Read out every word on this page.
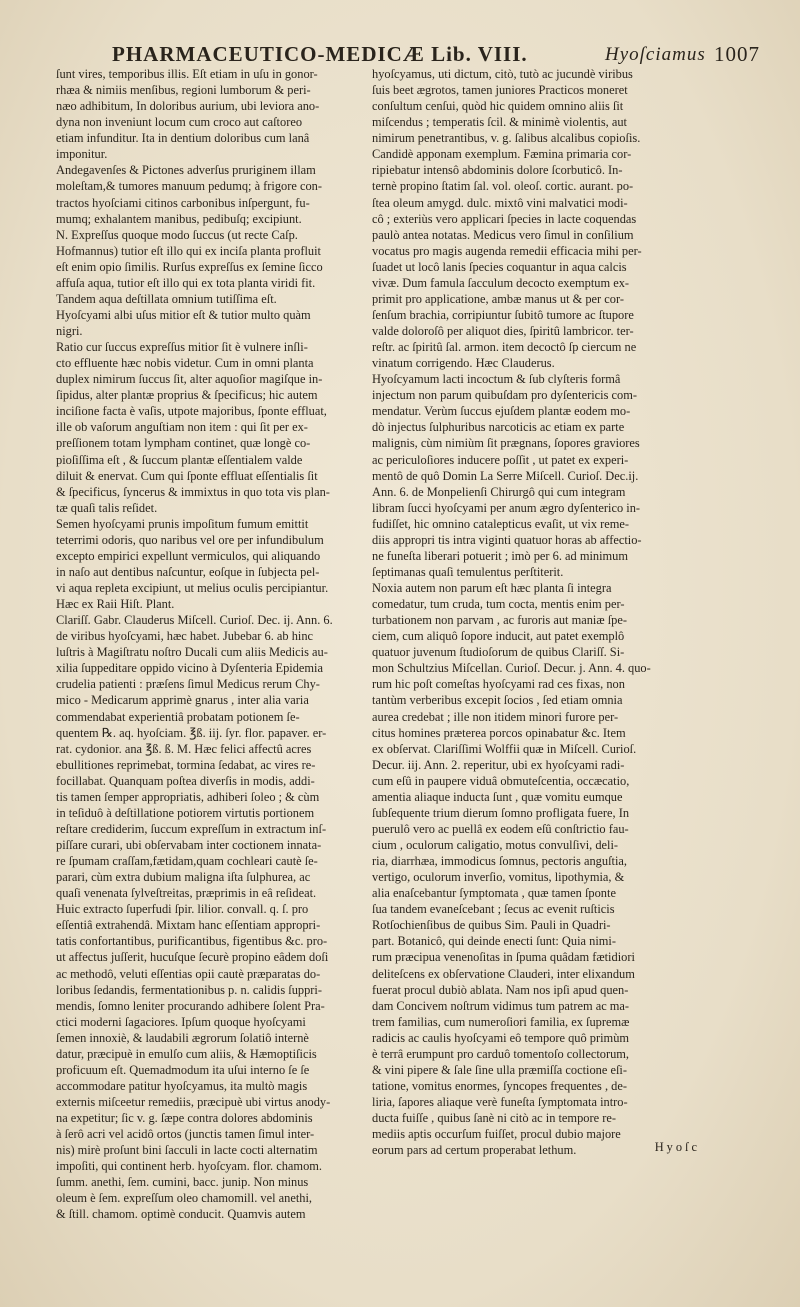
PHARMACEUTICO-MEDICÆ Lib. VIII.	Hyoſciamus 1007
ſunt vires, temporibus illis. Eſt etiam in uſu in gonor-
rhæa & nimiis menſibus, regioni lumborum & peri-
næo adhibitum, In doloribus aurium, ubi leviora ano-
dyna non inveniunt locum cum croco aut caſtoreo
etiam infunditur. Ita in dentium doloribus cum lanâ
imponitur.
Andegavenſes & Pictones adverſus pruriginem illam
moleſtam,& tumores manuum pedumq; à frigore con-
tractos hyoſciami citinos carbonibus inſpergunt, fu-
mumq; exhalantem manibus, pedibuſq; excipiunt.
N. Expreſſus quoque modo ſuccus (ut recte Caſp.
Hofmannus) tutior eſt illo qui ex inciſa planta profluit
eſt enim opio ſimilis. Rurſus expreſſus ex ſemine ſicco
affuſa aqua, tutior eſt illo qui ex tota planta viridi fit.
Tandem aqua deſtillata omnium tutiſſima eſt.
Hyoſcyami albi uſus mitior eſt & tutior multo quàm
nigri.
Ratio cur ſuccus expreſſus mitior ſit è vulnere inſli-
cto effluente hæc nobis videtur. Cum in omni planta
duplex nimirum ſuccus ſit, alter aquoſior magiſque in-
ſipidus, alter plantæ proprius & ſpecificus; hic autem
inciſione facta è vaſis, utpote majoribus, ſponte effluat,
ille ob vaſorum anguſtiam non item : qui ſit per ex-
preſſionem totam lympham continet, quæ longè co-
pioſiſſima eſt , & ſuccum plantæ eſſentialem valde
diluit & enervat. Cum qui ſponte effluat eſſentialis ſit
& ſpecificus, ſyncerus & immixtus in quo tota vis plan-
tæ quaſi talis reſidet.
Semen hyoſcyami prunis impoſitum fumum emittit
teterrimi odoris, quo naribus vel ore per infundibulum
excepto empirici expellunt vermiculos, qui aliquando
in naſo aut dentibus naſcuntur, eoſque in ſubjecta pel-
vi aqua repleta excipiunt, ut melius oculis percipiantur.
Hæc ex Raii Hiſt. Plant.
Clariſſ. Gabr. Clauderus Miſcell. Curioſ. Dec. ij. Ann. 6.
de viribus hyoſcyami, hæc habet. Jubebar 6. ab hinc
luſtris à Magiſtratu noſtro Ducali cum aliis Medicis au-
xilia ſuppeditare oppido vicino à Dyſenteria Epidemia
crudelia patienti : præſens ſimul Medicus rerum Chy-
mico - Medicarum apprimè gnarus , inter alia varia
commendabat experientiâ probatam potionem ſe-
quentem ℞. aq. hyoſciam. ℥ß. iij. ſyr. flor. papaver. er-
rat. cydonior. ana ℥ß. ß. M. Hæc felici affectû acres
ebullitiones reprimebat, tormina ſedabat, ac vires re-
focillabat. Quanquam poſtea diverſis in modis, addi-
tis tamen ſemper appropriatis, adhiberi ſoleo ; & cùm
in teſiduô à deſtillatione potiorem virtutis portionem
reſtare crediderim, ſuccum expreſſum in extractum inſ-
piſſare curari, ubi obſervabam inter coctionem innata-
re ſpumam craſſam,fætidam,quam cochleari cautè ſe-
parari, cùm extra dubium maligna iſta ſulphurea, ac
quaſi venenata ſylveſtreitas, præprimis in eâ reſideat.
Huic extracto ſuperfudi ſpir. lilior. convall. q. ſ. pro
eſſentiâ extrahendâ. Mixtam hanc eſſentiam appropri-
tatis confortantibus, purificantibus, figentibus &c. pro-
ut affectus juſſerit, hucuſque ſecurè propino eâdem doſi
ac methodô, veluti eſſentias opii cautè præparatas do-
loribus ſedandis, fermentationibus p. n. calidis ſuppri-
mendis, ſomno leniter procurando adhibere ſolent Pra-
ctici moderni ſagaciores. Ipſum quoque hyoſcyami
ſemen innoxiè, & laudabili ægrorum ſolatiô internè
datur, præcipuè in emulſo cum aliis, & Hæmoptiſicis
proficuum eſt. Quemadmodum ita uſui interno ſe ſe
accommodare patitur hyoſcyamus, ita multò magis
externis miſceetur remediis, præcipuè ubi virtus anody-
na expetitur; ſic v. g. ſæpe contra dolores abdominis
à ſerô acri vel acidô ortos (junctis tamen ſimul inter-
nis) mirè proſunt bini ſacculi in lacte cocti alternatim
impoſiti, qui continent herb. hyoſcyam. flor. chamom.
ſumm. anethi, ſem. cumini, bacc. junip. Non minus
oleum è ſem. expreſſum oleo chamomill. vel anethi,
& ſtill. chamom. optimè conducit. Quamvis autem
hyoſcyamus, uti dictum, citò, tutò ac jucundè viribus
ſuis beet ægrotos, tamen juniores Practicos moneret
conſultum cenſui, quòd hic quidem omnino aliis ſit
miſcendus ; temperatis ſcil. & minimè violentis, aut
nimirum penetrantibus, v. g. ſalibus alcalibus copioſis.
Candidè apponam exemplum. Fæmina primaria cor-
ripiebatur intensô abdominis dolore ſcorbuticô. In-
ternè propino ſtatim ſal. vol. oleoſ. cortic. aurant. po-
ſtea oleum amygd. dulc. mixtô vini malvatici modi-
cô ; exteriùs vero applicari ſpecies in lacte coquendas
paulò antea notatas. Medicus vero ſimul in conſilium
vocatus pro magis augenda remedii efficacia mihi per-
ſuadet ut locô lanis ſpecies coquantur in aqua calcis
vivæ. Dum famula ſacculum decocto exemptum ex-
primit pro applicatione, ambæ manus ut & per cor-
ſenſum brachia, corripiuntur ſubitô tumore ac ſtupore
valde doloroſô per aliquot dies, ſpiritû lambricor. ter-
reſtr. ac ſpiritû ſal. armon. item decoctô ſp ciercum ne
vinatum corrigendo. Hæc Clauderus.
Hyoſcyamum lacti incoctum & ſub clyſteris formâ
injectum non parum quibuſdam pro dyſentericis com-
mendatur. Verùm ſuccus ejuſdem plantæ eodem mo-
dò injectus ſulphuribus narcoticis ac etiam ex parte
malignis, cùm nimiùm ſit prægnans, ſopores graviores
ac periculoſiores inducere poſſit , ut patet ex experi-
mentô de quô Domin La Serre Miſcell. Curioſ. Dec.ij.
Ann. 6. de Monpelienſi Chirurgô qui cum integram
libram ſucci hyoſcyami per anum ægro dyſenterico in-
fudiſſet, hic omnino catalepticus evaſit, ut vix reme-
diis appropri tis intra viginti quatuor horas ab affectio-
ne funeſta liberari potuerit ; imò per 6. ad minimum
ſeptimanas quaſi temulentus perſtiterit.
Noxia autem non parum eſt hæc planta ſi integra
comedatur, tum cruda, tum cocta, mentis enim per-
turbationem non parvam , ac furoris aut maniæ ſpe-
ciem, cum aliquô ſopore inducit, aut patet exemplô
quatuor juvenum ſtudioſorum de quibus Clariſſ. Si-
mon Schultzius Miſcellan. Curioſ. Decur. j. Ann. 4. quo-
rum hic poſt comeſtas hyoſcyami rad ces fixas, non
tantùm verberibus excepit ſocios , ſed etiam omnia
aurea credebat ; ille non itidem minori furore per-
citus homines præterea porcos opinabatur &c. Item
ex obſervat. Clariſſimi Wolffii quæ in Miſcell. Curioſ.
Decur. iij. Ann. 2. reperitur, ubi ex hyoſcyami radi-
cum eſû in paupere viduâ obmuteſcentia, occæcatio,
amentia aliaque inducta ſunt , quæ vomitu eumque
ſubſequente trium dierum ſomno profligata fuere, In
puerulô vero ac puellâ ex eodem eſû conſtrictio fau-
cium , oculorum caligatio, motus convulſivi, deli-
ria, diarrhæa, immodicus ſomnus, pectoris anguſtia,
vertigo, oculorum inverſio, vomitus, lipothymia, &
alia enaſcebantur ſymptomata , quæ tamen ſponte
ſua tandem evaneſcebant ; ſecus ac evenit ruſticis
Rotſochienſibus de quibus Sim. Pauli in Quadri-
part. Botanicô, qui deinde enecti ſunt: Quia nimi-
rum præcipua venenoſitas in ſpuma quâdam fætidiori
deliteſcens ex obſervatione Clauderi, inter elixandum
fuerat procul dubiò ablata. Nam nos ipſi apud quen-
dam Concivem noſtrum vidimus tum patrem ac ma-
trem familias, cum numeroſiori familia, ex ſupremæ
radicis ac caulis hyoſcyami eô tempore quô primùm
è terrâ erumpunt pro carduô tomentoſo collectorum,
& vini pipere & ſale ſine ulla præmiſſa coctione eſi-
tatione, vomitus enormes, ſyncopes frequentes , de-
liria, ſapores aliaque verè funeſta ſymptomata intro-
ducta fuiſſe , quibus ſanè ni citò ac in tempore re-
mediis aptis occurſum fuiſſet, procul dubio majore
eorum pars ad certum properabat lethum.	Hyoſc
